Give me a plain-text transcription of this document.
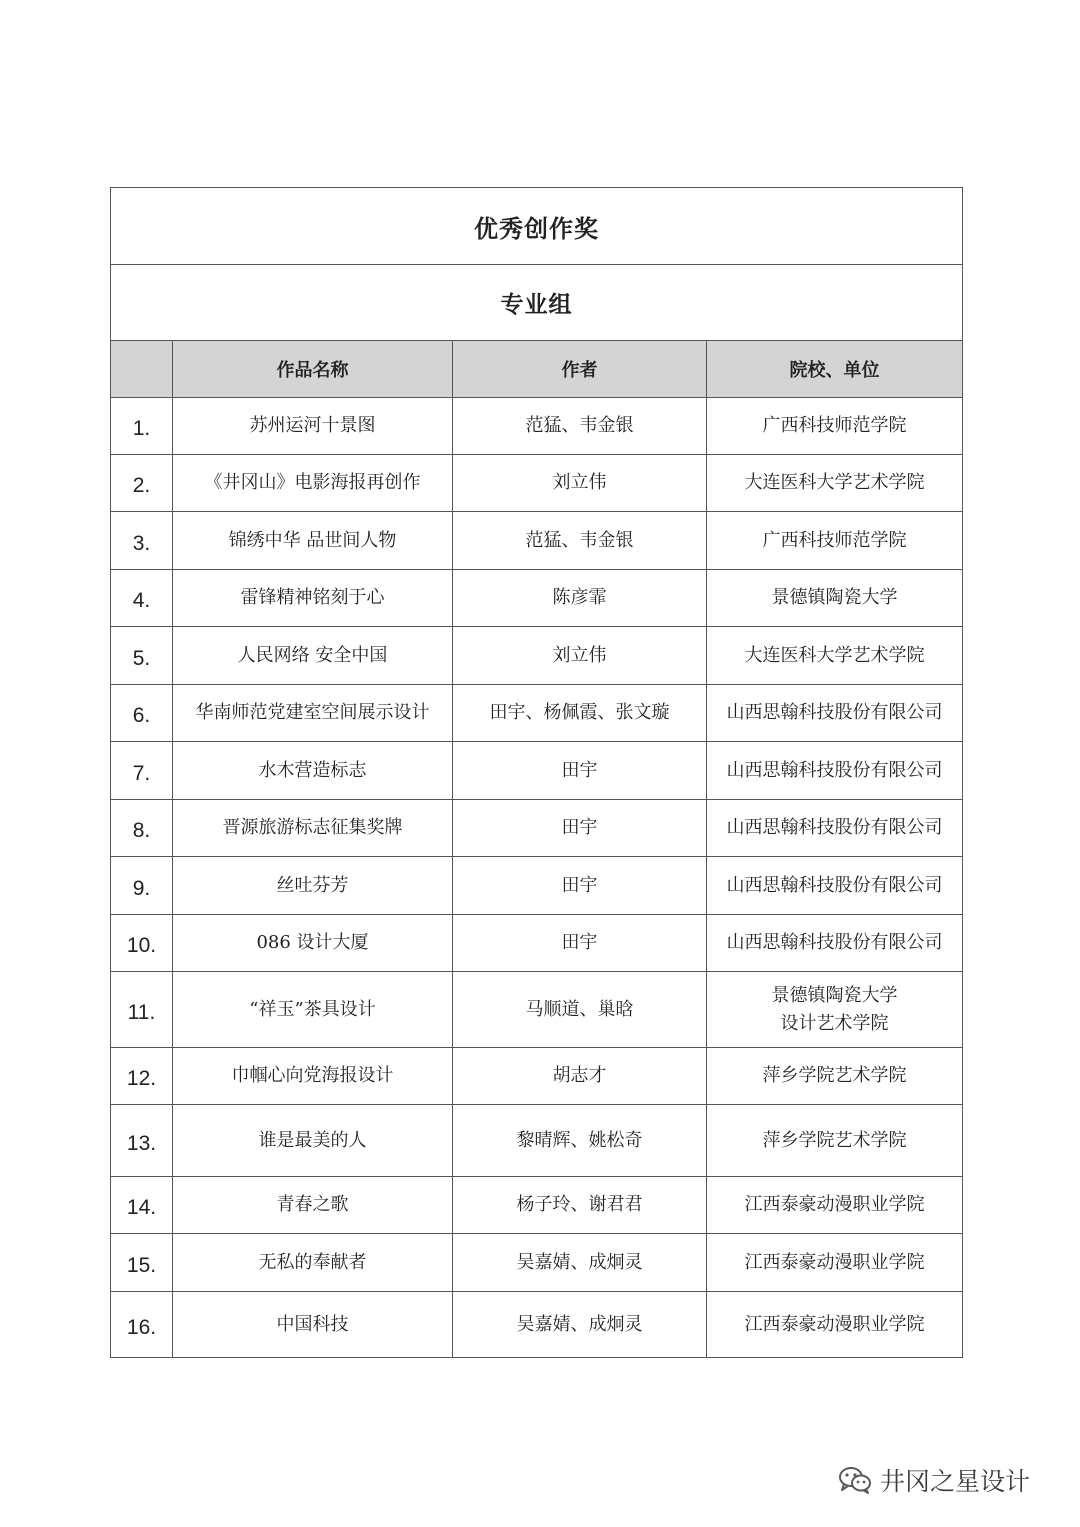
优秀创作奖			
专业组			
	作品名称	作者	院校、单位
1.	苏州运河十景图	范猛、韦金银	广西科技师范学院

2.	《井冈山》电影海报再创作	刘立伟	大连医科大学艺术学院

3.	锦绣中华 品世间人物	范猛、韦金银	广西科技师范学院

4.	雷锋精神铭刻于心	陈彦霏	景德镇陶瓷大学

5.	人民网络 安全中国	刘立伟	大连医科大学艺术学院

6.	华南师范党建室空间展示设计	田宇、杨佩霞、张文璇	山西思翰科技股份有限公司

7.	水木营造标志	田宇	山西思翰科技股份有限公司

8.	晋源旅游标志征集奖牌	田宇	山西思翰科技股份有限公司

9.	丝吐芬芳	田宇	山西思翰科技股份有限公司

10.	086 设计大厦	田宇	山西思翰科技股份有限公司

11.	“祥玉”茶具设计	马顺道、巢晗	景德镇陶瓷大学
设计艺术学院

12.	巾帼心向党海报设计	胡志才	萍乡学院艺术学院

13.	谁是最美的人	黎晴辉、姚松奇	萍乡学院艺术学院

14.	青春之歌	杨子玲、谢君君	江西泰豪动漫职业学院

15.	无私的奉献者	吴嘉婧、成炯灵	江西泰豪动漫职业学院

16.	中国科技	吴嘉婧、成炯灵	江西泰豪动漫职业学院
井冈之星设计
